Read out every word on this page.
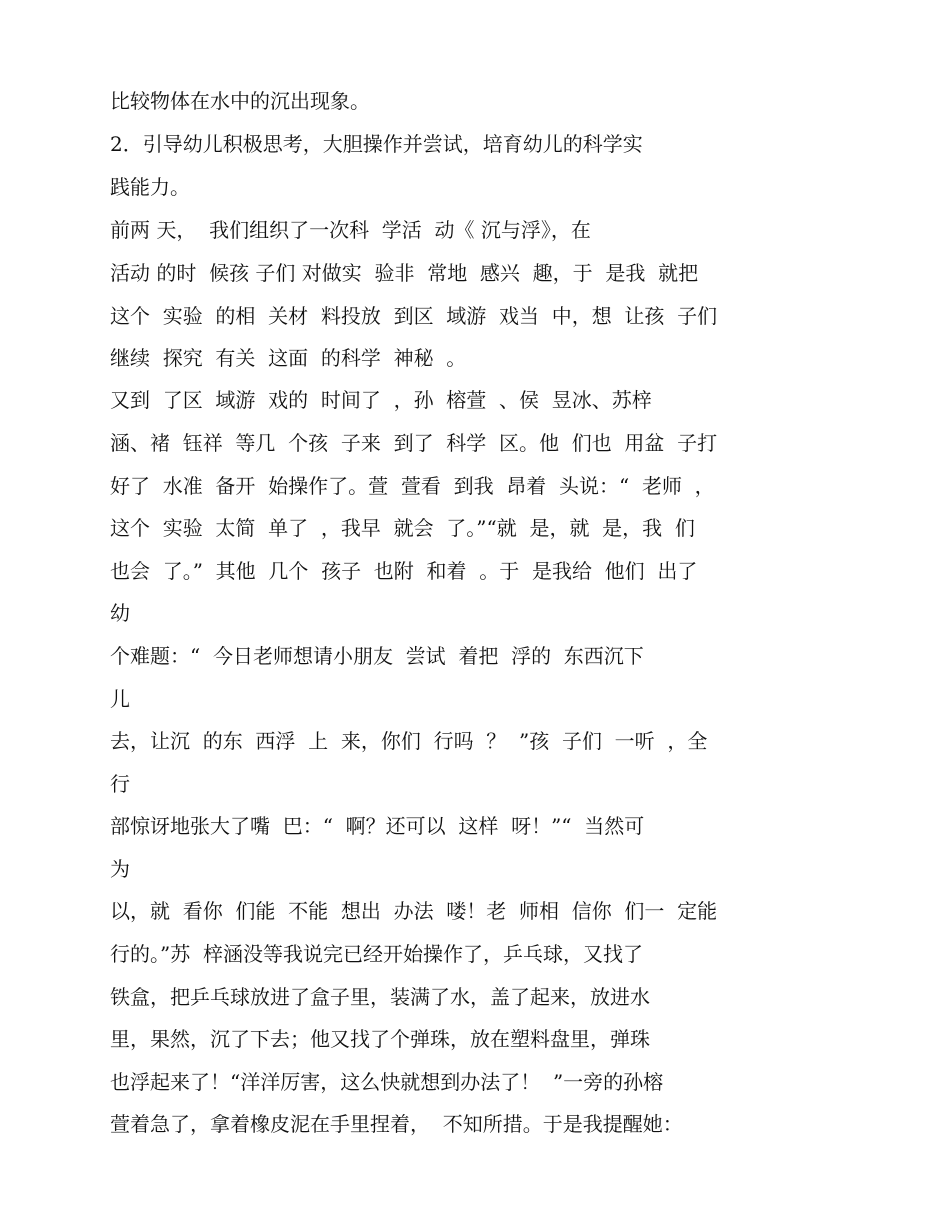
比较物体在水中的沉出现象。
2．引导幼儿积极思考，大胆操作并尝试，培育幼儿的科学实
践能力。
前两 天，  我们组织了一次科  学活  动《 沉与浮》，在
活动 的时  候孩 子们 对做实  验非  常地  感兴  趣，于  是我  就把
这个  实验  的相  关材  料投放  到区  域游  戏当  中，想  让孩  子们
继续  探究  有关  这面  的科学  神秘  。
又到  了区  域游  戏的  时间了  ，孙  榕萱  、侯  昱冰、苏梓
涵、褚  钰祥  等几  个孩  子来  到了  科学  区。他  们也  用盆  子打
好了  水准  备开  始操作了。萱  萱看  到我  昂着  头说：“  老师  ，
这个  实验  太简  单了  ，我早  就会  了。”“就  是，就  是，我  们
也会  了。”  其他  几个  孩子  也附  和着  。于  是我给  他们  出了
幼
个难题：“  今日老师想请小朋友  尝试  着把  浮的  东西沉下
儿
去，让沉  的东  西浮  上  来，你们  行吗  ？  ”孩  子们  一听  ，全
行
部惊讶地张大了嘴  巴：“  啊？还可以  这样  呀！”“  当然可
为
以，就  看你  们能  不能  想出  办法  喽！老  师相  信你  们一  定能
行的。”苏  梓涵没等我说完已经开始操作了，乒乓球，又找了
铁盒，把乒乓球放进了盒子里，装满了水，盖了起来，放进水
里，果然，沉了下去；他又找了个弹珠，放在塑料盘里，弹珠
也浮起来了！“洋洋厉害，这么快就想到办法了！  ”一旁的孙榕
萱着急了，拿着橡皮泥在手里捏着，  不知所措。于是我提醒她：
